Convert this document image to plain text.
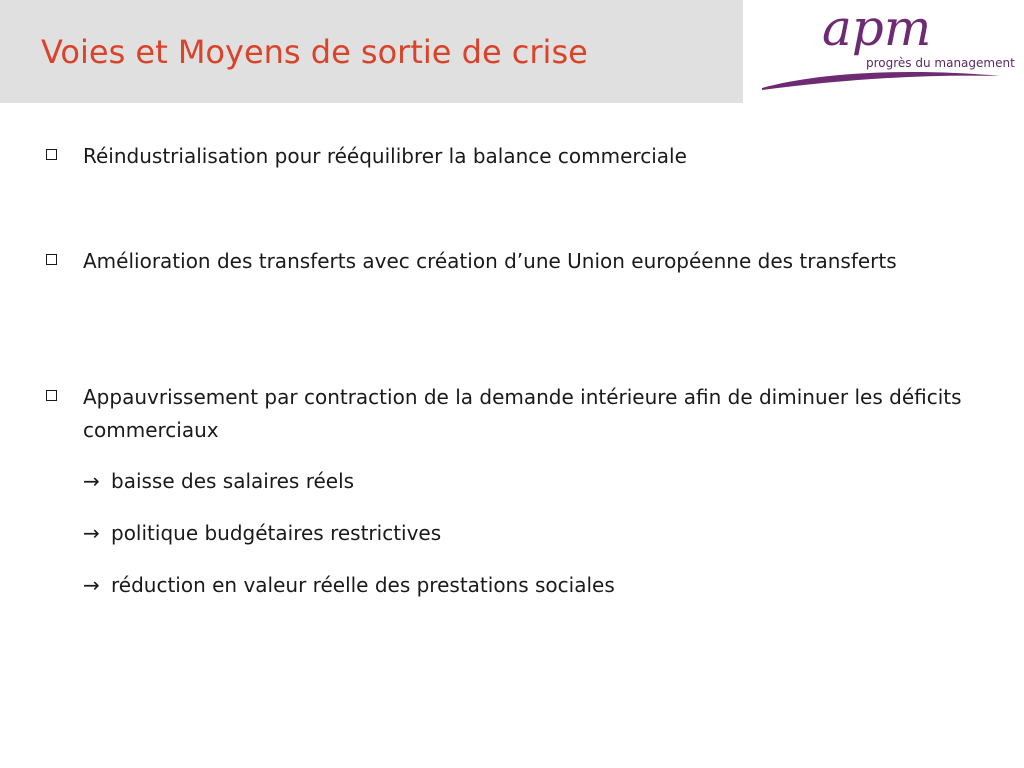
Voies et Moyens de sortie de crise	apm
progrès du management
Réindustrialisation pour rééquilibrer la balance commerciale
Amélioration des transferts avec création d’une Union européenne des transferts
Appauvrissement par contraction de la demande intérieure afin de diminuer les déficits commerciaux
→ baisse des salaires réels
→ politique budgétaires restrictives
→ réduction en valeur réelle des prestations sociales
